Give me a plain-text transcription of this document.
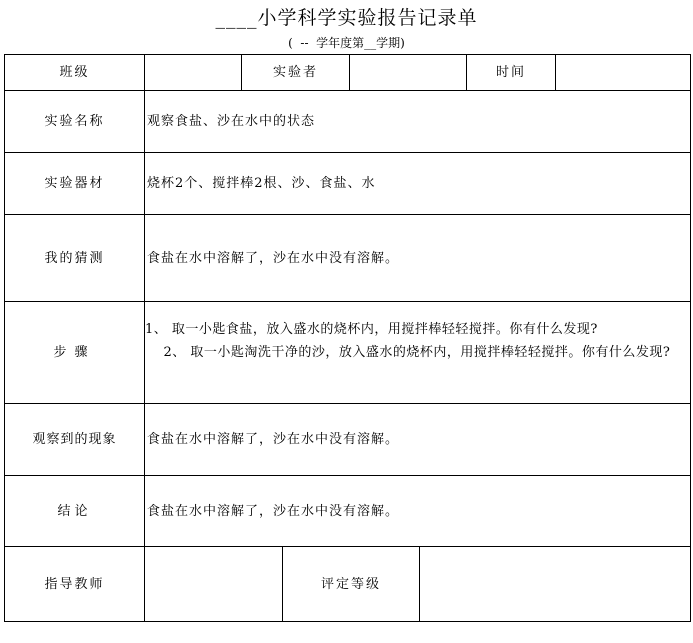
____小学科学实验报告记录单
(  --  学年度第__学期)
班级	实验者	时间
实验名称	观察食盐、沙在水中的状态
实验器材	烧杯2个、搅拌棒2根、沙、食盐、水
我的猜测	食盐在水中溶解了，沙在水中没有溶解。
步骤
1、 取一小匙食盐，放入盛水的烧杯内，用搅拌棒轻轻搅拌。你有什么发现?
2、 取一小匙淘洗干净的沙，放入盛水的烧杯内，用搅拌棒轻轻搅拌。你有什么发现?
观察到的现象	食盐在水中溶解了，沙在水中没有溶解。
结论	食盐在水中溶解了，沙在水中没有溶解。
指导教师	评定等级
